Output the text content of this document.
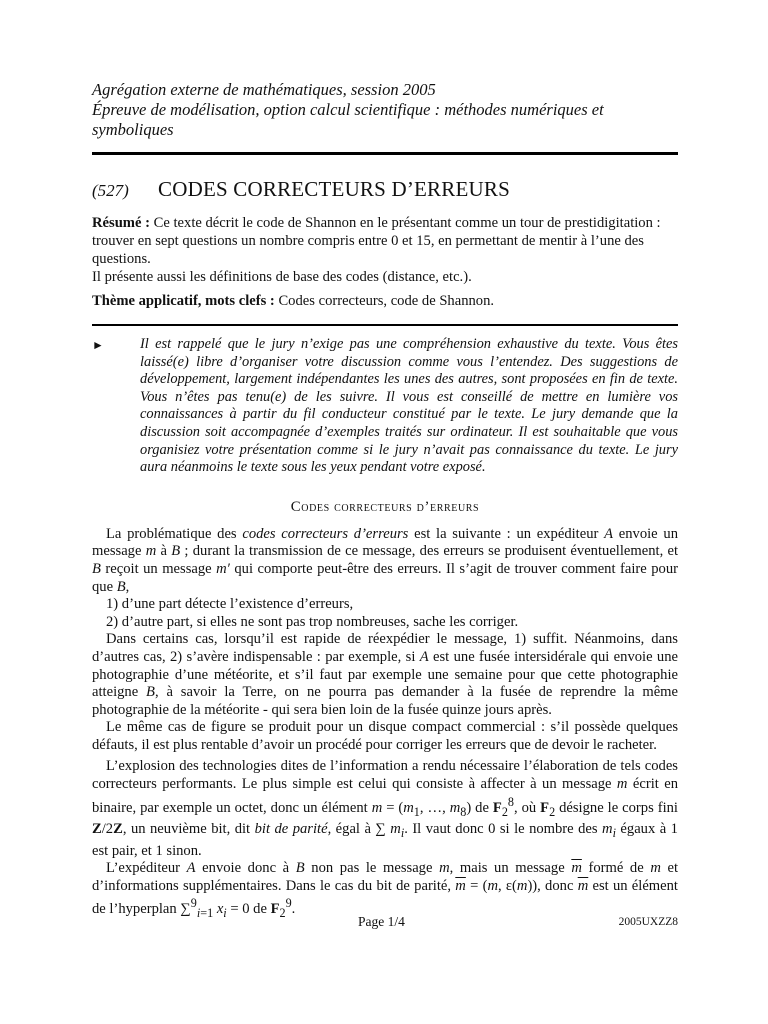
Agrégation externe de mathématiques, session 2005
Épreuve de modélisation, option calcul scientifique : méthodes numériques et
symboliques
(527)	CODES CORRECTEURS D’ERREURS
Résumé : Ce texte décrit le code de Shannon en le présentant comme un tour de prestidigitation : trouver en sept questions un nombre compris entre 0 et 15, en permettant de mentir à l’une des questions.
Il présente aussi les définitions de base des codes (distance, etc.).
Thème applicatif, mots clefs : Codes correcteurs, code de Shannon.
►	Il est rappelé que le jury n’exige pas une compréhension exhaustive du texte. Vous êtes laissé(e) libre d’organiser votre discussion comme vous l’entendez. Des suggestions de développement, largement indépendantes les unes des autres, sont proposées en fin de texte. Vous n’êtes pas tenu(e) de les suivre. Il vous est conseillé de mettre en lumière vos connaissances à partir du fil conducteur constitué par le texte. Le jury demande que la discussion soit accompagnée d’exemples traités sur ordinateur. Il est souhaitable que vous organisiez votre présentation comme si le jury n’avait pas connaissance du texte. Le jury aura néanmoins le texte sous les yeux pendant votre exposé.
Codes correcteurs d’erreurs

La problématique des codes correcteurs d’erreurs est la suivante : un expéditeur A envoie un message m à B ; durant la transmission de ce message, des erreurs se produisent éventuellement, et B reçoit un message m′ qui comporte peut-être des erreurs. Il s’agit de trouver comment faire pour que B,

1) d’une part détecte l’existence d’erreurs,

2) d’autre part, si elles ne sont pas trop nombreuses, sache les corriger.

Dans certains cas, lorsqu’il est rapide de réexpédier le message, 1) suffit. Néanmoins, dans d’autres cas, 2) s’avère indispensable : par exemple, si A est une fusée intersidérale qui envoie une photographie d’une météorite, et s’il faut par exemple une semaine pour que cette photographie atteigne B, à savoir la Terre, on ne pourra pas demander à la fusée de reprendre la même photographie de la météorite - qui sera bien loin de la fusée quinze jours après.

Le même cas de figure se produit pour un disque compact commercial : s’il possède quelques défauts, il est plus rentable d’avoir un procédé pour corriger les erreurs que de devoir le racheter.

L’explosion des technologies dites de l’information a rendu nécessaire l’élaboration de tels codes correcteurs performants. Le plus simple est celui qui consiste à affecter à un message m écrit en binaire, par exemple un octet, donc un élément $m = (m_1$, …, $m_8$) de $F_2^8$, où $F_2$ désigne le corps fini Z/2Z, un neuvième bit, dit bit de parité, égal à ∑ $m_i$. Il vaut donc 0 si le nombre des $m_i$ égaux à 1 est pair, et 1 sinon.

L’expéditeur A envoie donc à B non pas le message m, mais un message $\overline{m}$ formé de m et d’informations supplémentaires. Dans le cas du bit de parité, $\overline{m} = (m$, ε(m)), donc $\overline{m}$ est un élément de l’hyperplan ∑$^9_{i=1}$ $x_i = 0$ de $F_2^9$.

Page 1/4	2005UXZZ8
